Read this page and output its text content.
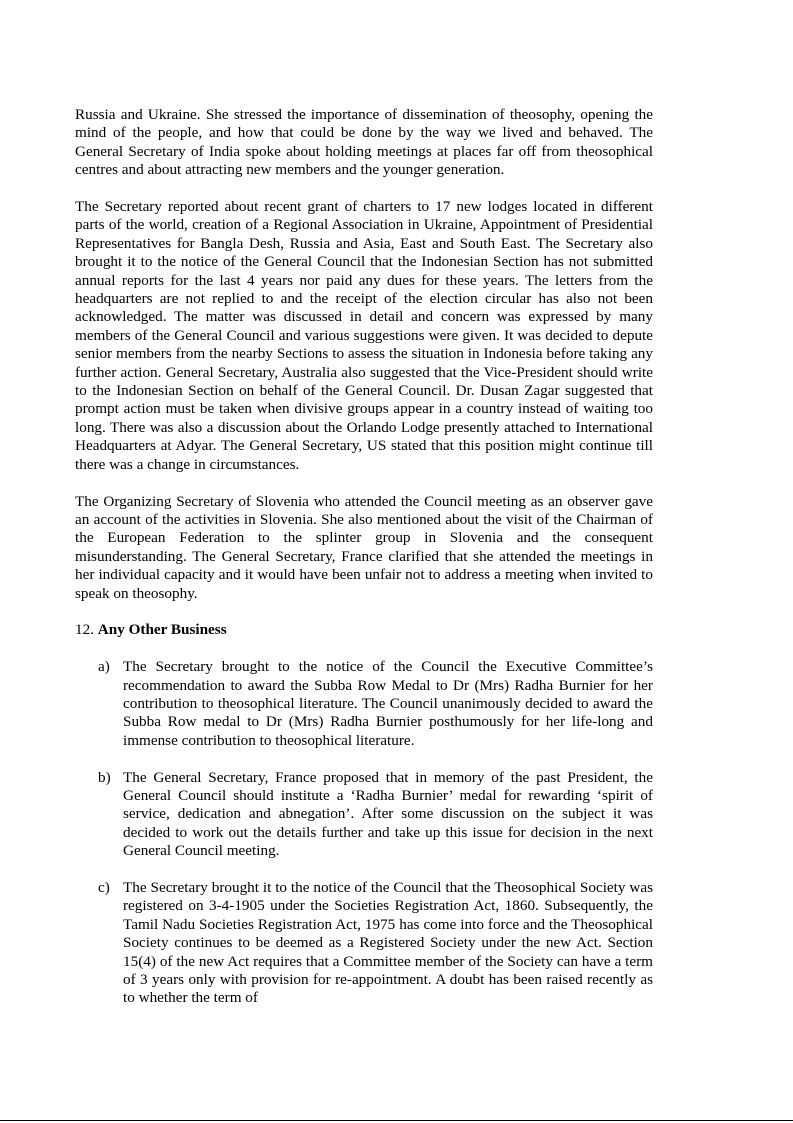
Russia and Ukraine. She stressed the importance of dissemination of theosophy, opening the mind of the people, and how that could be done by the way we lived and behaved. The General Secretary of India spoke about holding meetings at places far off from theosophical centres and about attracting new members and the younger generation.

The Secretary reported about recent grant of charters to 17 new lodges located in different parts of the world, creation of a Regional Association in Ukraine, Appointment of Presidential Representatives for Bangla Desh, Russia and Asia, East and South East. The Secretary also brought it to the notice of the General Council that the Indonesian Section has not submitted annual reports for the last 4 years nor paid any dues for these years. The letters from the headquarters are not replied to and the receipt of the election circular has also not been acknowledged. The matter was discussed in detail and concern was expressed by many members of the General Council and various suggestions were given. It was decided to depute senior members from the nearby Sections to assess the situation in Indonesia before taking any further action. General Secretary, Australia also suggested that the Vice-President should write to the Indonesian Section on behalf of the General Council. Dr. Dusan Zagar suggested that prompt action must be taken when divisive groups appear in a country instead of waiting too long. There was also a discussion about the Orlando Lodge presently attached to International Headquarters at Adyar. The General Secretary, US stated that this position might continue till there was a change in circumstances.

The Organizing Secretary of Slovenia who attended the Council meeting as an observer gave an account of the activities in Slovenia. She also mentioned about the visit of the Chairman of the European Federation to the splinter group in Slovenia and the consequent misunderstanding. The General Secretary, France clarified that she attended the meetings in her individual capacity and it would have been unfair not to address a meeting when invited to speak on theosophy.

12. Any Other Business

a) The Secretary brought to the notice of the Council the Executive Committee’s recommendation to award the Subba Row Medal to Dr (Mrs) Radha Burnier for her contribution to theosophical literature. The Council unanimously decided to award the Subba Row medal to Dr (Mrs) Radha Burnier posthumously for her life-long and immense contribution to theosophical literature.
b) The General Secretary, France proposed that in memory of the past President, the General Council should institute a ‘Radha Burnier’ medal for rewarding ‘spirit of service, dedication and abnegation’. After some discussion on the subject it was decided to work out the details further and take up this issue for decision in the next General Council meeting.
c) The Secretary brought it to the notice of the Council that the Theosophical Society was registered on 3-4-1905 under the Societies Registration Act, 1860. Subsequently, the Tamil Nadu Societies Registration Act, 1975 has come into force and the Theosophical Society continues to be deemed as a Registered Society under the new Act. Section 15(4) of the new Act requires that a Committee member of the Society can have a term of 3 years only with provision for re-appointment. A doubt has been raised recently as to whether the term of
